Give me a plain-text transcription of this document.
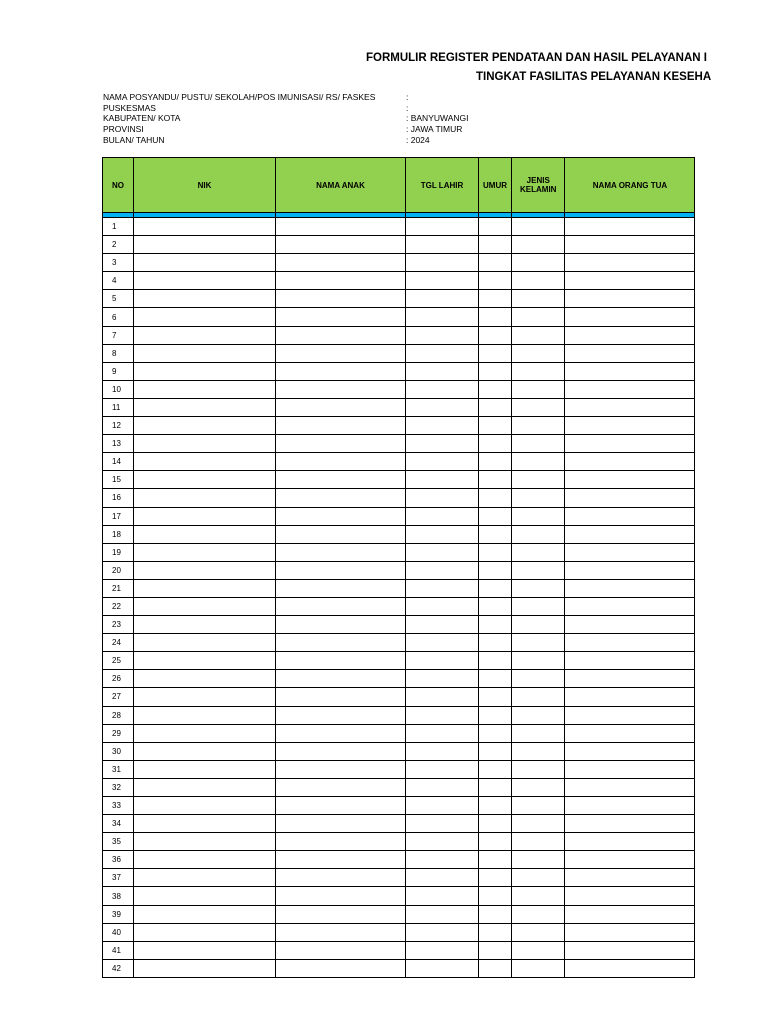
FORMULIR REGISTER PENDATAAN DAN HASIL PELAYANAN I
TINGKAT FASILITAS PELAYANAN KESEHA
NAMA POSYANDU/ PUSTU/ SEKOLAH/POS IMUNISASI/ RS/ FASKES	:
PUSKESMAS	:
KABUPATEN/ KOTA	: BANYUWANGI
PROVINSI	: JAWA TIMUR
BULAN/ TAHUN	: 2024
NO	NIK	NAMA ANAK	TGL LAHIR	UMUR	JENIS KELAMIN	NAMA ORANG TUA

1						
2						
3						
4						
5						
6						
7						
8						
9						
10						
11						
12						
13						
14						
15						
16						
17						
18						
19						
20						
21						
22						
23						
24						
25						
26						
27						
28						
29						
30						
31						
32						
33						
34						
35						
36						
37						
38						
39						
40						
41						
42						
